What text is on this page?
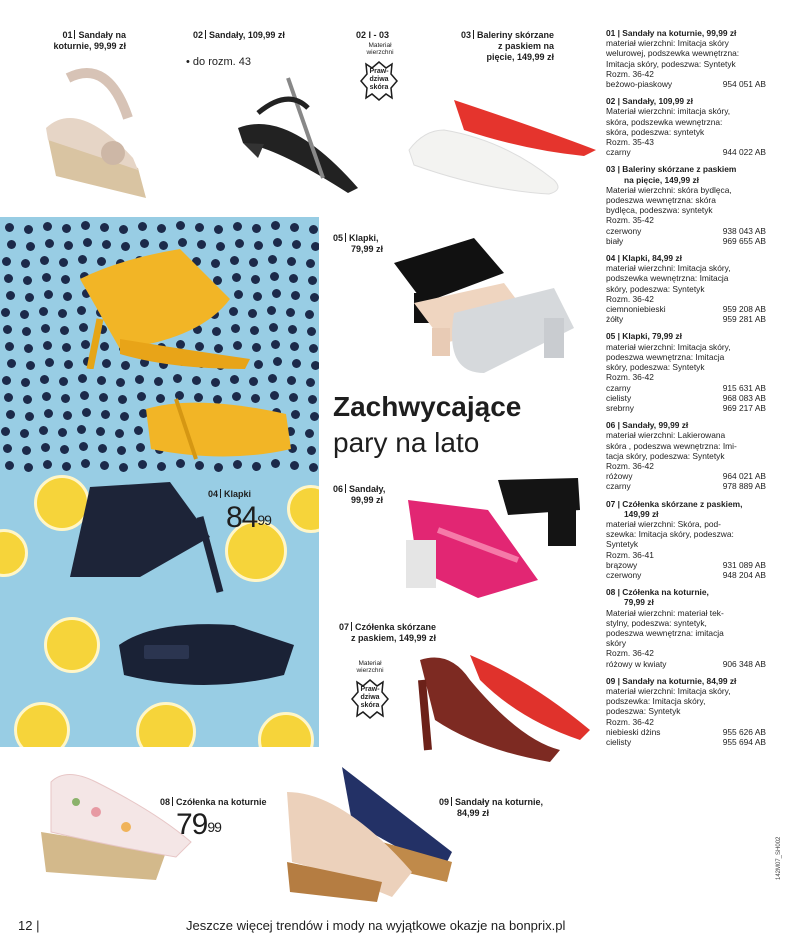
01 Sandały na
koturnie, 99,99 zł
02 Sandały, 109,99 zł
• do rozm. 43
02 I - 03
Materiał
wierzchni
Praw-
dziwa
skóra
03 Baleriny skórzane
z paskiem na
pięcie, 149,99 zł
05 Klapki,
79,99 zł
04 Klapki
$84^{99}$
Zachwycające
pary na lato
06 Sandały,
99,99 zł
07 Czółenka skórzane
z paskiem, 149,99 zł
Materiał
wierzchni
Praw-
dziwa
skóra
08 Czółenka na koturnie
$79^{99}$
09 Sandały na koturnie,
84,99 zł
01 | Sandały na koturnie, 99,99 zł
materiał wierzchni: Imitacja skóry
welurowej, podszewka wewnętrzna:
Imitacja skóry, podeszwa: Syntetyk
Rozm. 36-42
beżowo-piaskowy	954 051 AB
02 | Sandały, 109,99 zł
Materiał wierzchni: imitacja skóry,
skóra, podszewka wewnętrzna:
skóra, podeszwa: syntetyk
Rozm. 35-43
czarny	944 022 AB
03 | Baleriny skórzane z paskiem
na pięcie, 149,99 zł
Materiał wierzchni: skóra bydlęca,
podeszwa wewnętrzna: skóra
bydlęca, podeszwa: syntetyk
Rozm. 35-42
czerwony	938 043 AB
biały	969 655 AB
04 | Klapki, 84,99 zł
materiał wierzchni: Imitacja skóry,
podszewka wewnętrzna: Imitacja
skóry, podeszwa: Syntetyk
Rozm. 36-42
ciemnoniebieski	959 208 AB
żółty	959 281 AB
05 | Klapki, 79,99 zł
materiał wierzchni: Imitacja skóry,
podeszwa wewnętrzna: Imitacja
skóry, podeszwa: Syntetyk
Rozm. 36-42
czarny	915 631 AB
cielisty	968 083 AB
srebrny	969 217 AB
06 | Sandały, 99,99 zł
materiał wierzchni: Lakierowana
skóra , podeszwa wewnętrzna: Imi-
tacja skóry, podeszwa: Syntetyk
Rozm. 36-42
różowy	964 021 AB
czarny	978 889 AB
07 | Czółenka skórzane z paskiem,
149,99 zł
materiał wierzchni: Skóra, pod-
szewka: Imitacja skóry, podeszwa:
Syntetyk
Rozm. 36-41
brązowy	931 089 AB
czerwony	948 204 AB
08 | Czółenka na koturnie,
79,99 zł
Materiał wierzchni: materiał tek-
stylny, podeszwa: syntetyk,
podeszwa wewnętrzna: imitacja
skóry
Rozm. 36-42
różowy w kwiaty	906 348 AB
09 | Sandały na koturnie, 84,99 zł
materiał wierzchni: Imitacja skóry,
podszewka: Imitacja skóry,
podeszwa: Syntetyk
Rozm. 36-42
niebieski dżins	955 626 AB
cielisty	955 694 AB
12 |	Jeszcze więcej trendów i mody na wyjątkowe okazje na bonprix.pl
142M07_SH002
